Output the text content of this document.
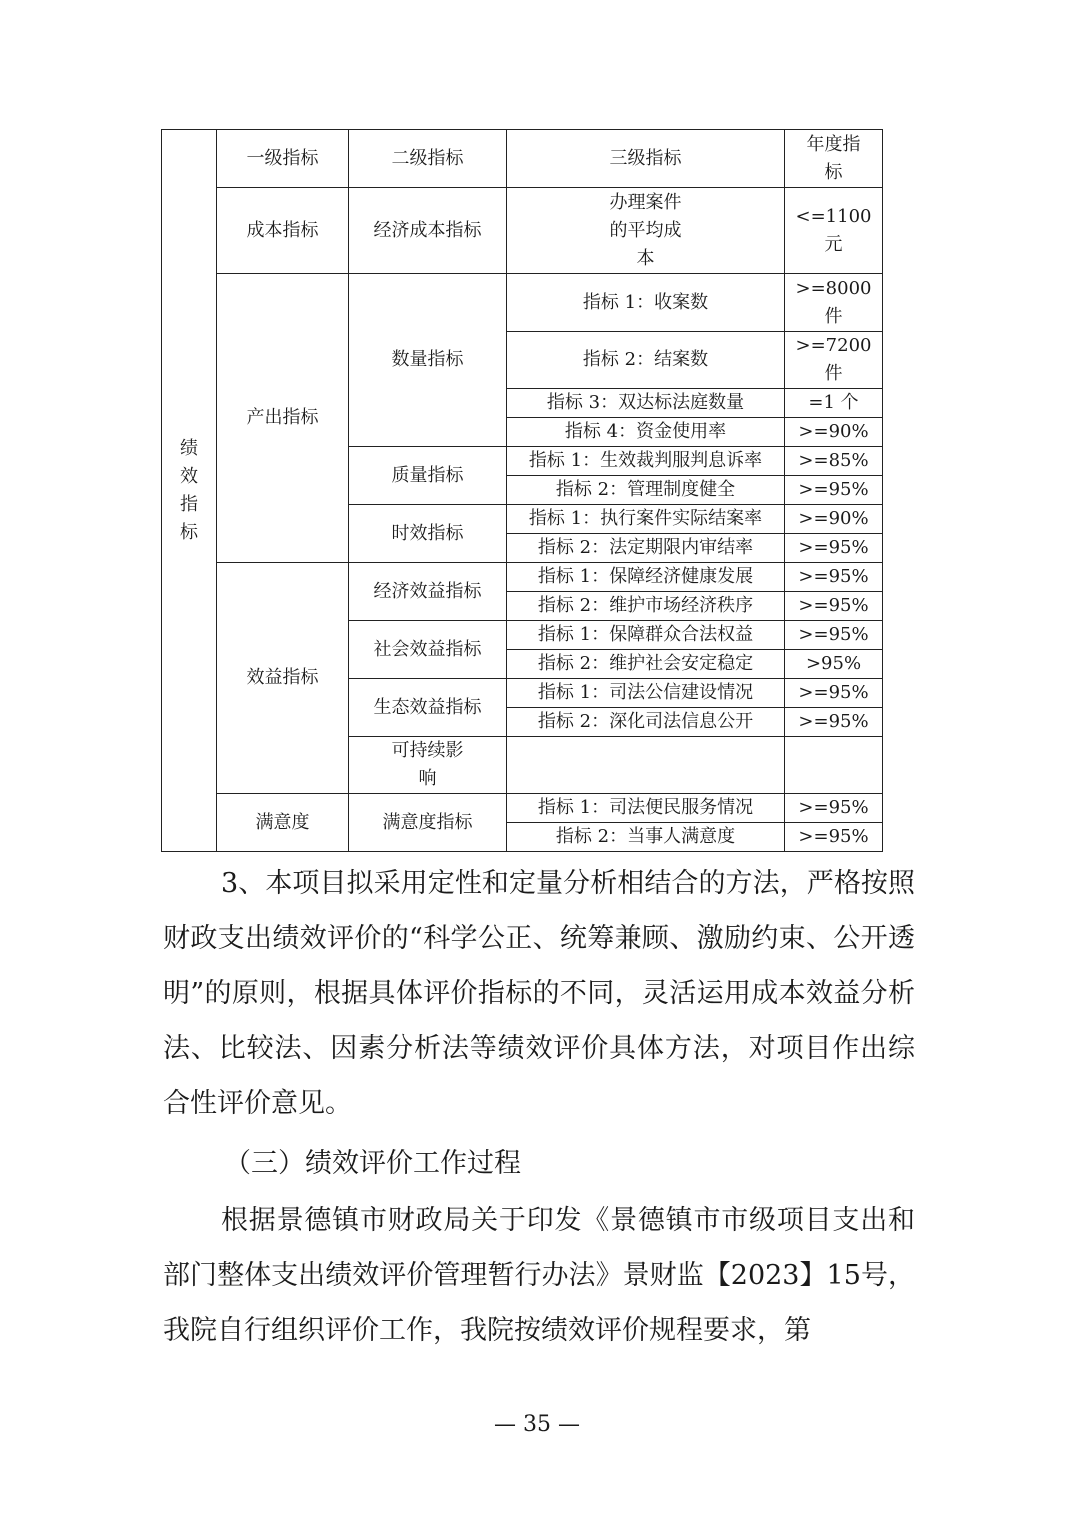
绩效指标	一级指标	二级指标	三级指标	年度指
标
	成本指标	经济成本指标	办理案件
的平均成
本	<=1100
元
	产出指标	数量指标	指标 1：收案数	>=8000
件
			指标 2：结案数	>=7200
件
			指标 3：双达标法庭数量	=1 个
			指标 4：资金使用率	>=90%
		质量指标	指标 1：生效裁判服判息诉率	>=85%
			指标 2：管理制度健全	>=95%
		时效指标	指标 1：执行案件实际结案率	>=90%
			指标 2：法定期限内审结率	>=95%
	效益指标	经济效益指标	指标 1：保障经济健康发展	>=95%
			指标 2：维护市场经济秩序	>=95%
		社会效益指标	指标 1：保障群众合法权益	>=95%
			指标 2：维护社会安定稳定	>95%
		生态效益指标	指标 1：司法公信建设情况	>=95%
			指标 2：深化司法信息公开	>=95%
		可持续影
响		
	满意度	满意度指标	指标 1：司法便民服务情况	>=95%
			指标 2：当事人满意度	>=95%

3、本项目拟采用定性和定量分析相结合的方法，严格按照财政支出绩效评价的“科学公正、统筹兼顾、激励约束、公开透明”的原则，根据具体评价指标的不同，灵活运用成本效益分析法、比较法、因素分析法等绩效评价具体方法，对项目作出综合性评价意见。

（三）绩效评价工作过程

根据景德镇市财政局关于印发《景德镇市市级项目支出和部门整体支出绩效评价管理暂行办法》景财监【2023】15号，我院自行组织评价工作，我院按绩效评价规程要求，第

— 35 —
